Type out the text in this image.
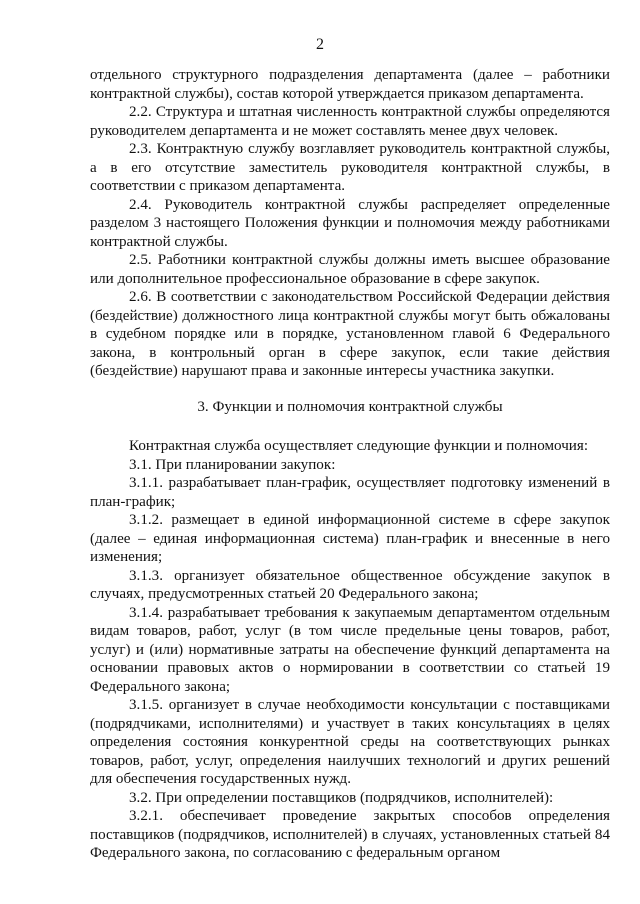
2

отдельного структурного подразделения департамента (далее – работники контрактной службы), состав которой утверждается приказом департамента.

2.2. Структура и штатная численность контрактной службы определяются руководителем департамента и не может составлять менее двух человек.

2.3. Контрактную службу возглавляет руководитель контрактной службы, а в его отсутствие заместитель руководителя контрактной службы, в соответствии с приказом департамента.

2.4. Руководитель контрактной службы распределяет определенные разделом 3 настоящего Положения функции и полномочия между работниками контрактной службы.

2.5. Работники контрактной службы должны иметь высшее образование или дополнительное профессиональное образование в сфере закупок.

2.6. В соответствии с законодательством Российской Федерации действия (бездействие) должностного лица контрактной службы могут быть обжалованы в судебном порядке или в порядке, установленном главой 6 Федерального закона, в контрольный орган в сфере закупок, если такие действия (бездействие) нарушают права и законные интересы участника закупки.

3. Функции и полномочия контрактной службы

Контрактная служба осуществляет следующие функции и полномочия:

3.1. При планировании закупок:

3.1.1. разрабатывает план-график, осуществляет подготовку изменений в план-график;

3.1.2. размещает в единой информационной системе в сфере закупок (далее – единая информационная система) план-график и внесенные в него изменения;

3.1.3. организует обязательное общественное обсуждение закупок в случаях, предусмотренных статьей 20 Федерального закона;

3.1.4. разрабатывает требования к закупаемым департаментом отдельным видам товаров, работ, услуг (в том числе предельные цены товаров, работ, услуг) и (или) нормативные затраты на обеспечение функций департамента на основании правовых актов о нормировании в соответствии со статьей 19 Федерального закона;

3.1.5. организует в случае необходимости консультации с поставщиками (подрядчиками, исполнителями) и участвует в таких консультациях в целях определения состояния конкурентной среды на соответствующих рынках товаров, работ, услуг, определения наилучших технологий и других решений для обеспечения государственных нужд.

3.2. При определении поставщиков (подрядчиков, исполнителей):

3.2.1. обеспечивает проведение закрытых способов определения поставщиков (подрядчиков, исполнителей) в случаях, установленных статьей 84 Федерального закона, по согласованию с федеральным органом
